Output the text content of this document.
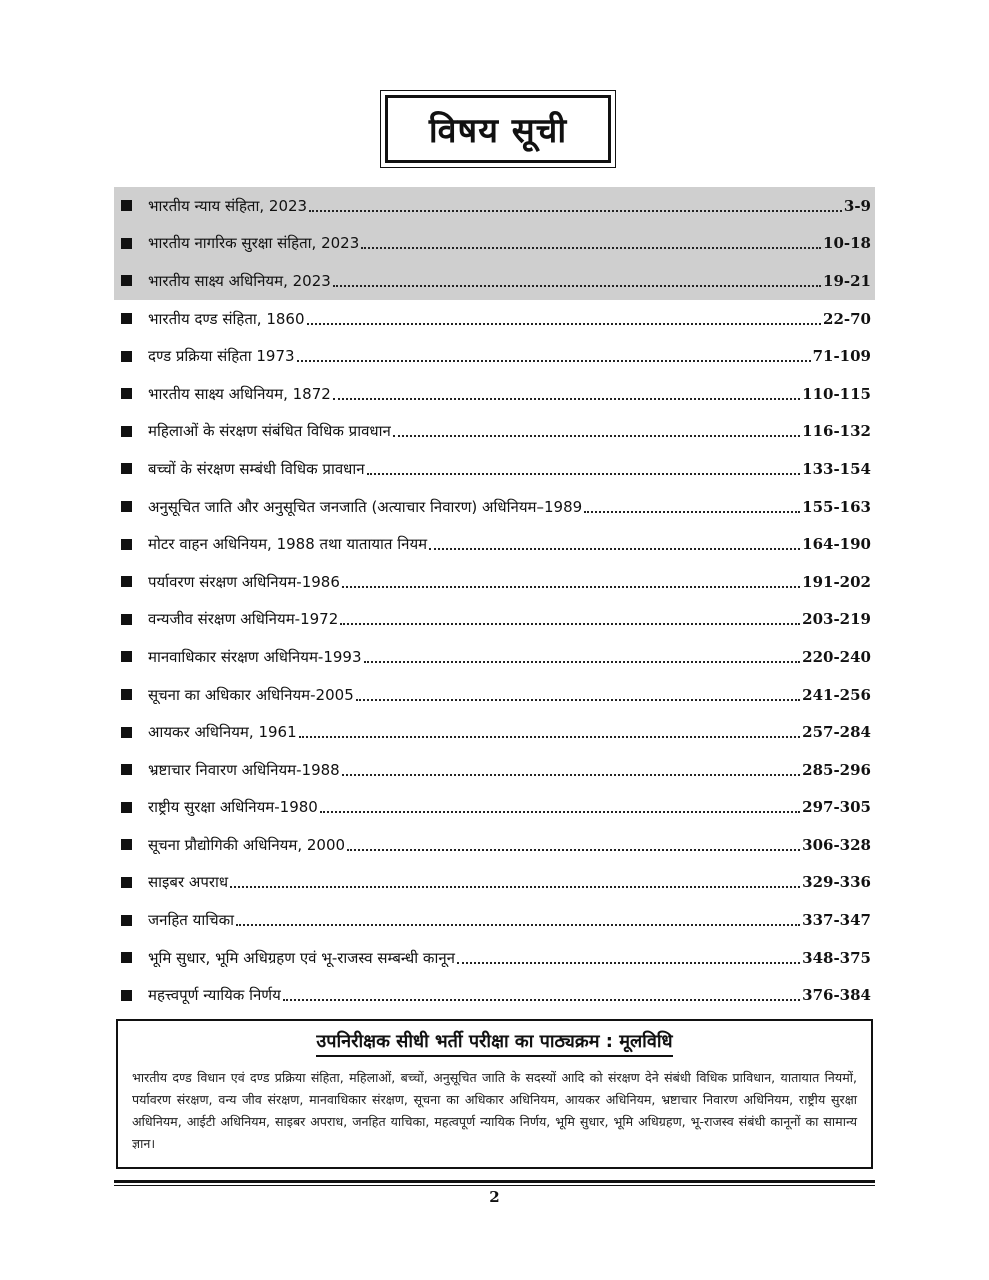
विषय सूची
भारतीय न्याय संहिता, 2023	3-9
भारतीय नागरिक सुरक्षा संहिता, 2023	10-18
भारतीय साक्ष्य अधिनियम, 2023	19-21
भारतीय दण्ड संहिता, 1860	22-70
दण्ड प्रक्रिया संहिता 1973	71-109
भारतीय साक्ष्य अधिनियम, 1872	110-115
महिलाओं के संरक्षण संबंधित विधिक प्रावधान	116-132
बच्चों के संरक्षण सम्बंधी विधिक प्रावधान	133-154
अनुसूचित जाति और अनुसूचित जनजाति (अत्याचार निवारण) अधिनियम–1989	155-163
मोटर वाहन अधिनियम, 1988 तथा यातायात नियम	164-190
पर्यावरण संरक्षण अधिनियम-1986	191-202
वन्यजीव संरक्षण अधिनियम-1972	203-219
मानवाधिकार संरक्षण अधिनियम-1993	220-240
सूचना का अधिकार अधिनियम-2005	241-256
आयकर अधिनियम, 1961	257-284
भ्रष्टाचार निवारण अधिनियम-1988	285-296
राष्ट्रीय सुरक्षा अधिनियम-1980	297-305
सूचना प्रौद्योगिकी अधिनियम, 2000	306-328
साइबर अपराध	329-336
जनहित याचिका	337-347
भूमि सुधार, भूमि अधिग्रहण एवं भू-राजस्व सम्बन्धी कानून	348-375
महत्त्वपूर्ण न्यायिक निर्णय	376-384
उपनिरीक्षक सीधी भर्ती परीक्षा का पाठ्यक्रम : मूलविधि
भारतीय दण्ड विधान एवं दण्ड प्रक्रिया संहिता, महिलाओं, बच्चों, अनुसूचित जाति के सदस्यों आदि को संरक्षण देने संबंधी विधिक प्राविधान, यातायात नियमों, पर्यावरण संरक्षण, वन्य जीव संरक्षण, मानवाधिकार संरक्षण, सूचना का अधिकार अधिनियम, आयकर अधिनियम, भ्रष्टाचार निवारण अधिनियम, राष्ट्रीय सुरक्षा अधिनियम, आईटी अधिनियम, साइबर अपराध, जनहित याचिका, महत्वपूर्ण न्यायिक निर्णय, भूमि सुधार, भूमि अधिग्रहण, भू-राजस्व संबंधी कानूनों का सामान्य ज्ञान।
2
